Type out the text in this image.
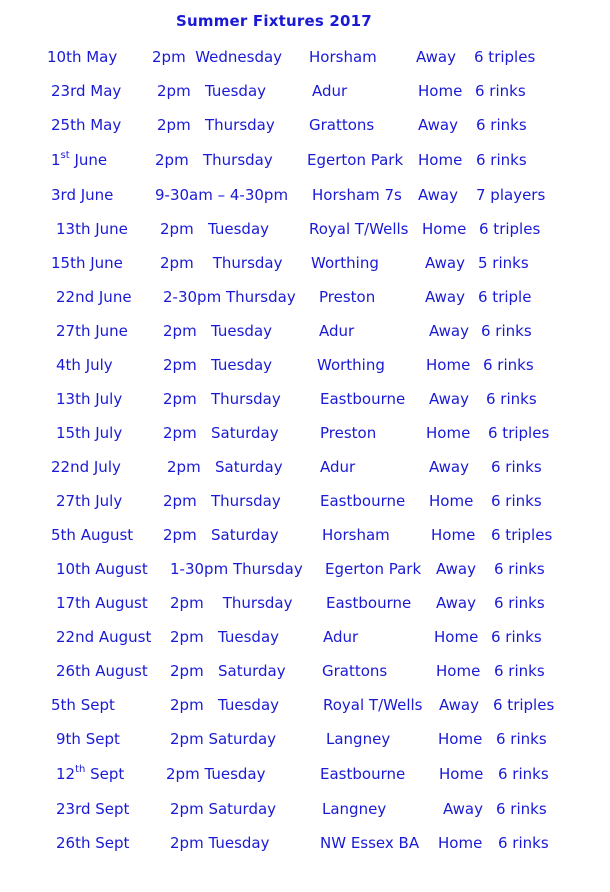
Summer Fixtures 2017
10th May 2pm  Wednesday Horsham	Away 6 triples
23rd May 2pm   Tuesday	Adur	Home 6 rinks
25th May 2pm   Thursday Grattons	Away 6 rinks
1st June	2pm   Thursday Egerton Park Home 6 rinks
3rd June	9-30am – 4-30pm Horsham 7s Away 7 players
13th June 2pm   Tuesday	Royal T/Wells Home 6 triples
15th June 2pm    Thursday Worthing	Away 5 rinks
22nd June 2-30pm Thursday Preston	Away 6 triple
27th June 2pm   Tuesday	Adur	Away 6 rinks
4th July	2pm   Tuesday	Worthing	Home 6 rinks
13th July	2pm   Thursday	Eastbourne Away 6 rinks
15th July	2pm   Saturday	Preston	Home 6 triples
22nd July	2pm   Saturday Adur	Away 6 rinks
27th July	2pm   Thursday	Eastbourne Home 6 rinks
5th August 2pm   Saturday	Horsham	Home 6 triples
10th August 1-30pm Thursday Egerton Park Away 6 rinks
17th August 2pm    Thursday Eastbourne Away 6 rinks
22nd August 2pm   Tuesday	Adur	Home 6 rinks
26th August 2pm   Saturday Grattons	Home 6 rinks
5th Sept	2pm   Tuesday	Royal T/Wells Away 6 triples
9th Sept	2pm Saturday	Langney	Home 6 rinks
12th Sept	2pm Tuesday	Eastbourne Home 6 rinks
23rd Sept	2pm Saturday	Langney	Away 6 rinks
26th Sept	2pm Tuesday	NW Essex BA Home 6 rinks
